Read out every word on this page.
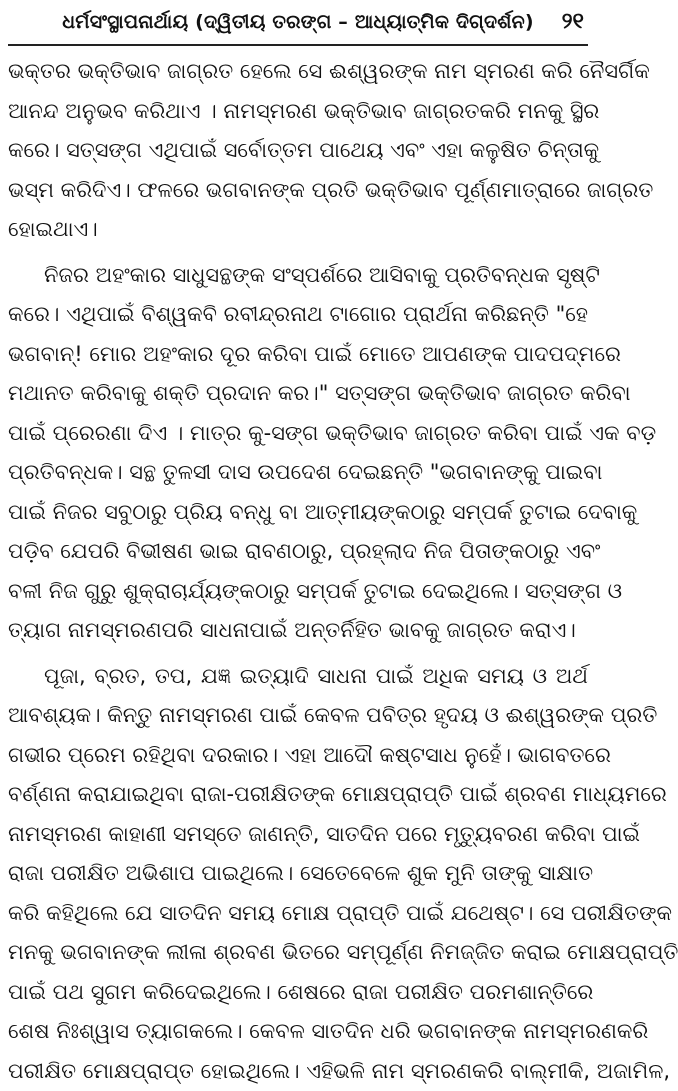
ଧର୍ମସଂସ୍ଥାପନାର୍ଥାୟ (ଦ୍ୱିତୀୟ ତରଙ୍ଗ – ଆଧ୍ୟାତ୍ମିକ ଦିଗ୍‌ଦର୍ଶନ) ୨୧
ଭକ୍ତର ଭକ୍ତିଭାବ ଜାଗ୍ରତ ହେଲେ ସେ ଈଶ୍ୱରଙ୍କ ନାମ ସ୍ମରଣ କରି ନୈସର୍ଗିକ
ଆନନ୍ଦ ଅନୁଭବ କରିଥାଏ । ନାମସ୍ମରଣ ଭକ୍ତିଭାବ ଜାଗ୍ରତକରି ମନକୁ ସ୍ଥିର
କରେ। ସତ୍‌ସଙ୍ଗ ଏଥିପାଇଁ ସର୍ବୋତ୍ତମ ପାଥେୟ ଏବଂ ଏହା କଳୁଷିତ ଚିନ୍ତାକୁ
ଭସ୍ମ କରିଦିଏ। ଫଳରେ ଭଗବାନଙ୍କ ପ୍ରତି ଭକ୍ତିଭାବ ପୂର୍ଣ୍ଣମାତ୍ରାରେ ଜାଗ୍ରତ
ହୋଇଥାଏ।
ନିଜର ଅହଂକାର ସାଧୁସନ୍ଥଙ୍କ ସଂସ୍ପର୍ଶରେ ଆସିବାକୁ ପ୍ରତିବନ୍ଧକ ସୃଷ୍ଟି
କରେ। ଏଥିପାଇଁ ବିଶ୍ୱକବି ରବୀନ୍ଦ୍ରନାଥ ଟାଗୋର ପ୍ରାର୍ଥନା କରିଛନ୍ତି "ହେ
ଭଗବାନ୍! ମୋର ଅହଂକାର ଦୂର କରିବା ପାଇଁ ମୋତେ ଆପଣଙ୍କ ପାଦପଦ୍ମରେ
ମଥାନତ କରିବାକୁ ଶକ୍ତି ପ୍ରଦାନ କର।" ସତ୍‌ସଙ୍ଗ ଭକ୍ତିଭାବ ଜାଗ୍ରତ କରିବା
ପାଇଁ ପ୍ରେରଣା ଦିଏ । ମାତ୍ର କୁ-ସଙ୍ଗ ଭକ୍ତିଭାବ ଜାଗ୍ରତ କରିବା ପାଇଁ ଏକ ବଡ଼
ପ୍ରତିବନ୍ଧକ। ସନ୍ଥ ତୁଳସୀ ଦାସ ଉପଦେଶ ଦେଇଛନ୍ତି "ଭଗବାନଙ୍କୁ ପାଇବା
ପାଇଁ ନିଜର ସବୁଠାରୁ ପ୍ରିୟ ବନ୍ଧୁ ବା ଆତ୍ମୀୟଙ୍କଠାରୁ ସମ୍ପର୍କ ତୁଟାଇ ଦେବାକୁ
ପଡ଼ିବ ଯେପରି ବିଭୀଷଣ ଭାଇ ରାବଣଠାରୁ, ପ୍ରହ୍ଲାଦ ନିଜ ପିତାଙ୍କଠାରୁ ଏବଂ
ବଳୀ ନିଜ ଗୁରୁ ଶୁକ୍ରାଚାର୍ଯ୍ୟଙ୍କଠାରୁ ସମ୍ପର୍କ ତୁଟାଇ ଦେଇଥିଲେ। ସତ୍‌ସଙ୍ଗ ଓ
ତ୍ୟାଗ ନାମସ୍ମରଣପରି ସାଧନାପାଇଁ ଅନ୍ତର୍ନିହିତ ଭାବକୁ ଜାଗ୍ରତ କରାଏ।
ପୂଜା, ବ୍ରତ, ତପ, ଯଜ୍ଞ ଇତ୍ୟାଦି ସାଧନା ପାଇଁ ଅଧିକ ସମୟ ଓ ଅର୍ଥ
ଆବଶ୍ୟକ। କିନ୍ତୁ ନାମସ୍ମରଣ ପାଇଁ କେବଳ ପବିତ୍ର ହୃଦୟ ଓ ଈଶ୍ୱରଙ୍କ ପ୍ରତି
ଗଭୀର ପ୍ରେମ ରହିଥିବା ଦରକାର। ଏହା ଆଦୌ କଷ୍ଟସାଧ ନୁହେଁ। ଭାଗବତରେ
ବର୍ଣ୍ଣନା କରାଯାଇଥିବା ରାଜା-ପରୀକ୍ଷିତଙ୍କ ମୋକ୍ଷପ୍ରାପ୍ତି ପାଇଁ ଶ୍ରବଣ ମାଧ୍ୟମରେ
ନାମସ୍ମରଣ କାହାଣୀ ସମସ୍ତେ ଜାଣନ୍ତି, ସାତଦିନ ପରେ ମୃତ୍ୟୁବରଣ କରିବା ପାଇଁ
ରାଜା ପରୀକ୍ଷିତ ଅଭିଶାପ ପାଇଥିଲେ। ସେତେବେଳେ ଶୁକ ମୁନି ତାଙ୍କୁ ସାକ୍ଷାତ
କରି କହିଥିଲେ ଯେ ସାତଦିନ ସମୟ ମୋକ୍ଷ ପ୍ରାପ୍ତି ପାଇଁ ଯଥେଷ୍ଟ। ସେ ପରୀକ୍ଷିତଙ୍କ
ମନକୁ ଭଗବାନଙ୍କ ଲୀଳା ଶ୍ରବଣ ଭିତରେ ସମ୍ପୂର୍ଣ୍ଣ ନିମଜ୍ଜିତ କରାଇ ମୋକ୍ଷପ୍ରାପ୍ତି
ପାଇଁ ପଥ ସୁଗମ କରିଦେଇଥିଲେ। ଶେଷରେ ରାଜା ପରୀକ୍ଷିତ ପରମଶାନ୍ତିରେ
ଶେଷ ନିଃଶ୍ୱାସ ତ୍ୟାଗକଲେ। କେବଳ ସାତଦିନ ଧରି ଭଗବାନଙ୍କ ନାମସ୍ମରଣକରି
ପରୀକ୍ଷିତ ମୋକ୍ଷପ୍ରାପ୍ତ ହୋଇଥିଲେ। ଏହିଭଳି ନାମ ସ୍ମରଣକରି ବାଲ୍ମୀକି, ଅଜାମିଳ,
